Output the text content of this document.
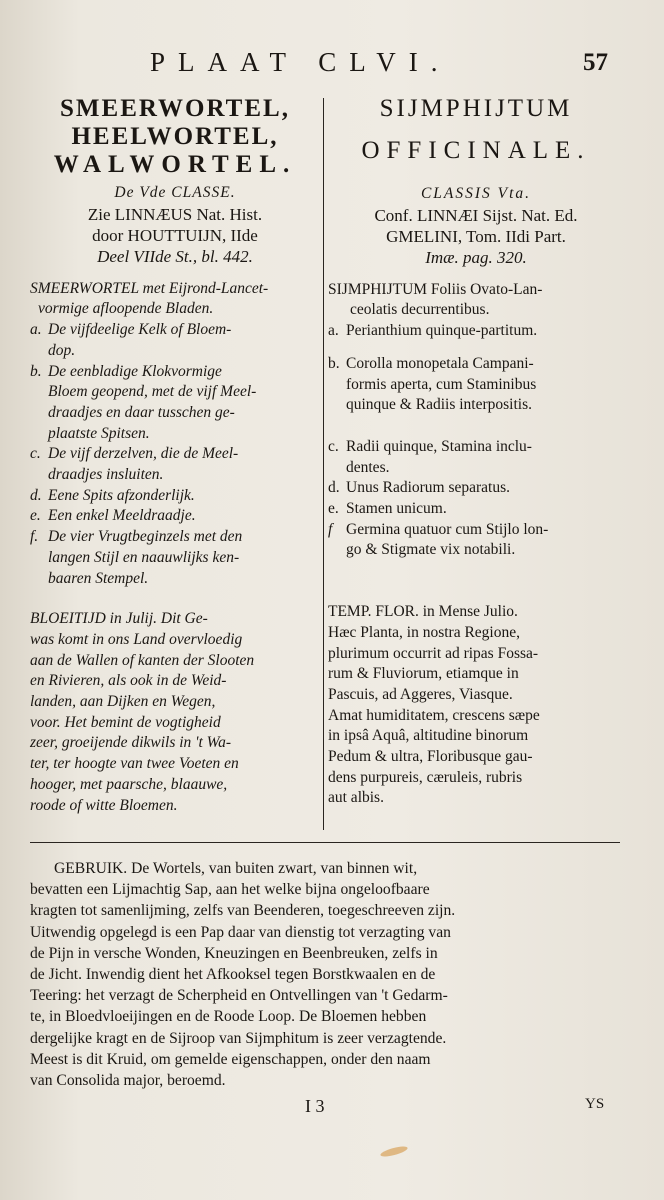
PLAAT CLVI.	57
SMEERWORTEL,
HEELWORTEL,
WALWORTEL.
De Vde CLASSE.
Zie LINNÆUS Nat. Hist.
door HOUTTUIJN, IIde
Deel VIIde St., bl. 442.
SMEERWORTEL met Eijrond-Lancet-
vormige afloopende Bladen.
a. De vijfdeelige Kelk of Bloem-
dop.
b. De eenbladige Klokvormige
Bloem geopend, met de vijf Meel-
draadjes en daar tusschen ge-
plaatste Spitsen.
c. De vijf derzelven, die de Meel-
draadjes insluiten.
d. Eene Spits afzonderlijk.
e. Een enkel Meeldraadje.
f. De vier Vrugtbeginzels met den
langen Stijl en naauwlijks ken-
baaren Stempel.
BLOEITIJD in Julij. Dit Ge-
was komt in ons Land overvloedig
aan de Wallen of kanten der Slooten
en Rivieren, als ook in de Weid-
landen, aan Dijken en Wegen,
voor. Het bemint de vogtigheid
zeer, groeijende dikwils in 't Wa-
ter, ter hoogte van twee Voeten en
hooger, met paarsche, blaauwe,
roode of witte Bloemen.
SIJMPHIJTUM
OFFICINALE.
CLASSIS Vta.
Conf. LINNÆI Sijst. Nat. Ed.
GMELINI, Tom. IIdi Part.
Imæ. pag. 320.
SIJMPHIJTUM Foliis Ovato-Lan-
ceolatis decurrentibus.
a. Perianthium quinque-partitum.
b. Corolla monopetala Campani-
formis aperta, cum Staminibus
quinque & Radiis interpositis.
c. Radii quinque, Stamina inclu-
dentes.
d. Unus Radiorum separatus.
e. Stamen unicum.
f Germina quatuor cum Stijlo lon-
go & Stigmate vix notabili.
TEMP. FLOR. in Mense Julio.
Hæc Planta, in nostra Regione,
plurimum occurrit ad ripas Fossa-
rum & Fluviorum, etiamque in
Pascuis, ad Aggeres, Viasque.
Amat humiditatem, crescens sæpe
in ipsâ Aquâ, altitudine binorum
Pedum & ultra, Floribusque gau-
dens purpureis, cæruleis, rubris
aut albis.
GEBRUIK. De Wortels, van buiten zwart, van binnen wit,
bevatten een Lijmachtig Sap, aan het welke bijna ongeloofbaare
kragten tot samenlijming, zelfs van Beenderen, toegeschreeven zijn.
Uitwendig opgelegd is een Pap daar van dienstig tot verzagting van
de Pijn in versche Wonden, Kneuzingen en Beenbreuken, zelfs in
de Jicht. Inwendig dient het Afkooksel tegen Borstkwaalen en de
Teering: het verzagt de Scherpheid en Ontvellingen van 't Gedarm-
te, in Bloedvloeijingen en de Roode Loop. De Bloemen hebben
dergelijke kragt en de Sijroop van Sijmphitum is zeer verzagtende.
Meest is dit Kruid, om gemelde eigenschappen, onder den naam
van Consolida major, beroemd.
I 3	YS
